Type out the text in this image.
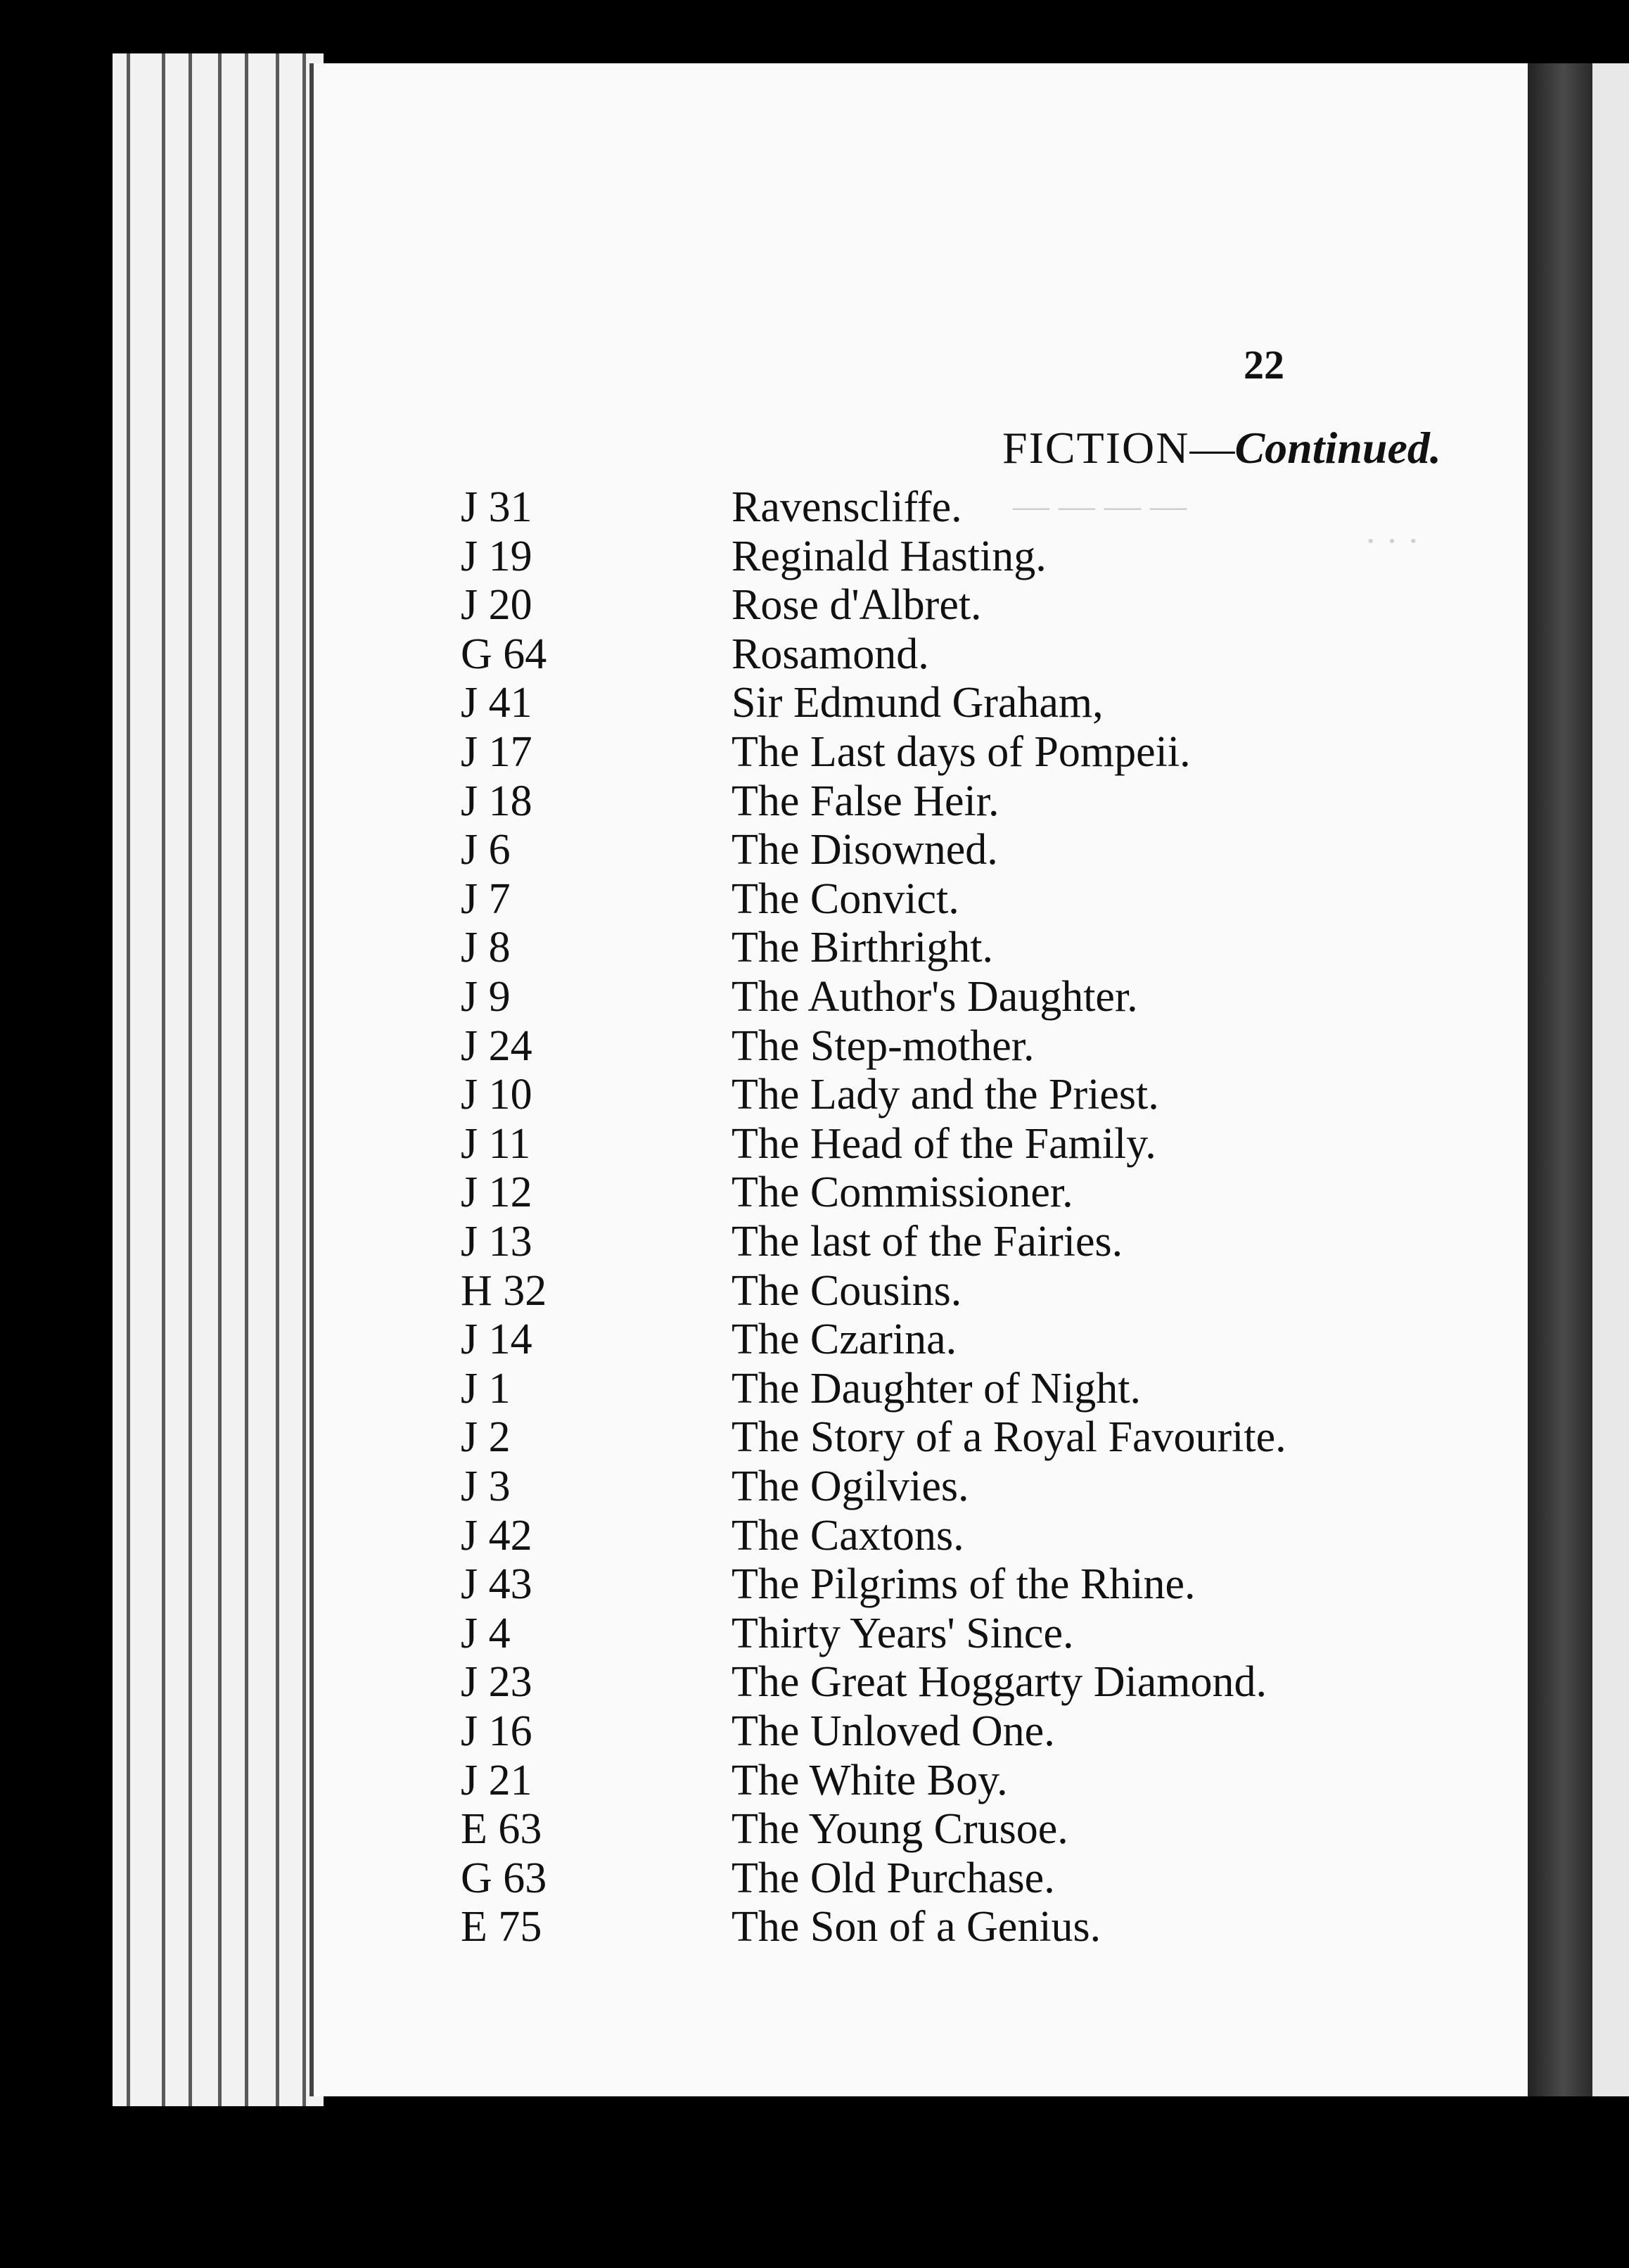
— — — —
· · ·
22
FICTION—Continued.
J 31	Ravenscliffe.
J 19	Reginald Hasting.
J 20	Rose d'Albret.
G 64	Rosamond.
J 41	Sir Edmund Graham,
J 17	The Last days of Pompeii.
J 18	The False Heir.
J 6	The Disowned.
J 7	The Convict.
J 8	The Birthright.
J 9	The Author's Daughter.
J 24	The Step-mother.
J 10	The Lady and the Priest.
J 11	The Head of the Family.
J 12	The Commissioner.
J 13	The last of the Fairies.
H 32	The Cousins.
J 14	The Czarina.
J 1	The Daughter of Night.
J 2	The Story of a Royal Favourite.
J 3	The Ogilvies.
J 42	The Caxtons.
J 43	The Pilgrims of the Rhine.
J 4	Thirty Years' Since.
J 23	The Great Hoggarty Diamond.
J 16	The Unloved One.
J 21	The White Boy.
E 63	The Young Crusoe.
G 63	The Old Purchase.
E 75	The Son of a Genius.
